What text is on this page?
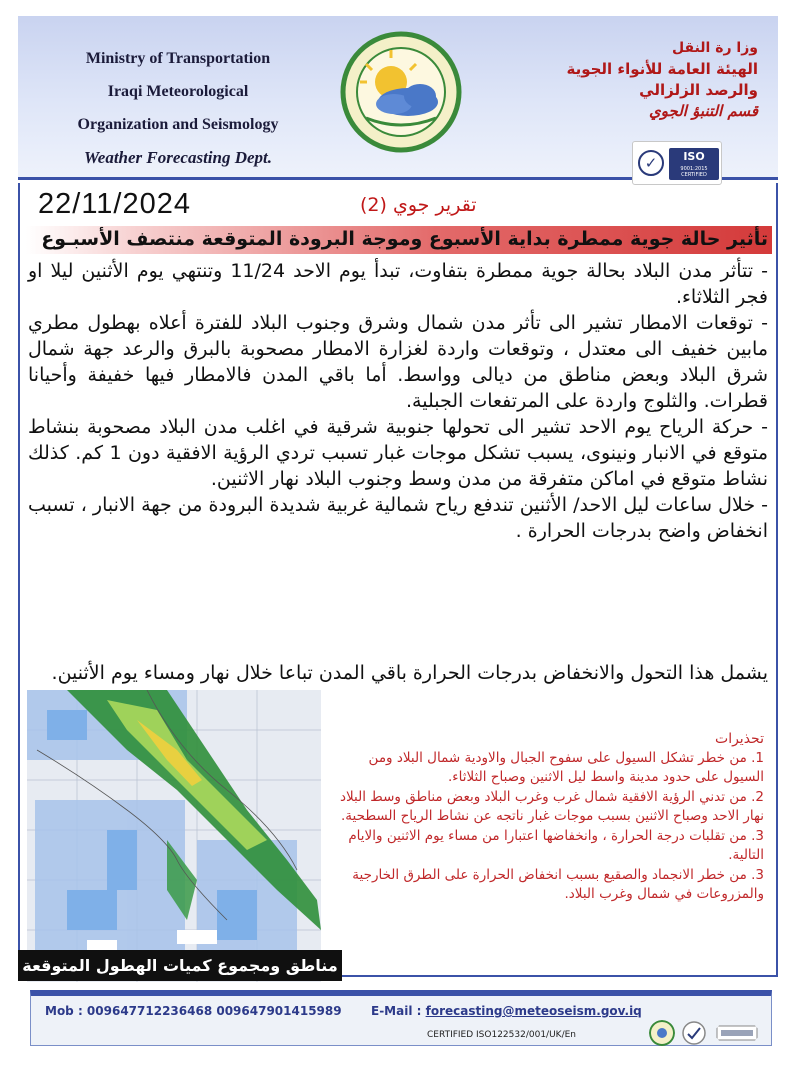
Ministry of Transportation
Iraqi Meteorological
Organization and Seismology
Weather Forecasting Dept.
وزا رة النقل
الهيئة العامة للأنواء الجوية
والرصد الزلزالي
قسم التنبؤ الجوي
✓	ISO
9001:2015 CERTIFIED
22/11/2024	تقرير جوي (2)
تأثير حالة جوية ممطرة بداية الأسبوع وموجة البرودة المتوقعة منتصف الأسبـوع

- تتأثر مدن البلاد بحالة جوية ممطرة بتفاوت، تبدأ يوم الاحد 11/24 وتنتهي يوم الأثنين ليلا او فجر الثلاثاء.

- توقعات الامطار تشير الى تأثر مدن شمال وشرق وجنوب البلاد للفترة أعلاه بهطول مطري مابين خفيف الى معتدل ، وتوقعات واردة لغزارة الامطار مصحوبة بالبرق والرعد جهة شمال شرق البلاد وبعض مناطق من ديالى وواسط. أما باقي المدن فالامطار فيها خفيفة وأحيانا قطرات. والثلوج واردة على المرتفعات الجبلية.

- حركة الرياح يوم الاحد تشير الى تحولها جنوبية شرقية في اغلب مدن البلاد مصحوبة بنشاط متوقع في الانبار ونينوى، يسبب تشكل موجات غبار تسبب تردي الرؤية الافقية دون 1 كم. كذلك نشاط متوقع في اماكن متفرقة من مدن وسط وجنوب البلاد نهار الاثنين.

- خلال ساعات ليل الاحد/ الأثنين تندفع رياح شمالية غربية شديدة البرودة من جهة الانبار ، تسبب انخفاض واضح بدرجات الحرارة .

يشمل هذا التحول والانخفاض بدرجات الحرارة باقي المدن تباعا خلال نهار ومساء يوم الأثنين.

مناطق ومجموع كميات الهطول المتوقعة
تحذيرات
1. من خطر تشكل السيول على سفوح الجبال والاودية شمال البلاد ومن السيول على حدود مدينة واسط ليل الاثنين وصباح الثلاثاء.
2. من تدني الرؤية الافقية شمال غرب وغرب البلاد وبعض مناطق وسط البلاد نهار الاحد وصباح الاثنين بسبب موجات غبار ناتجه عن نشاط الرياح السطحية.
3. من تقلبات درجة الحرارة ، وانخفاضها اعتبارا من مساء يوم الاثنين والايام التالية.
3. من خطر الانجماد والصقيع بسبب انخفاض الحرارة على الطرق الخارجية والمزروعات في شمال وغرب البلاد.
Mob : 009647712236468 009647901415989 E-Mail : forecasting@meteoseism.gov.iq
CERTIFIED ISO122532/001/UK/En
